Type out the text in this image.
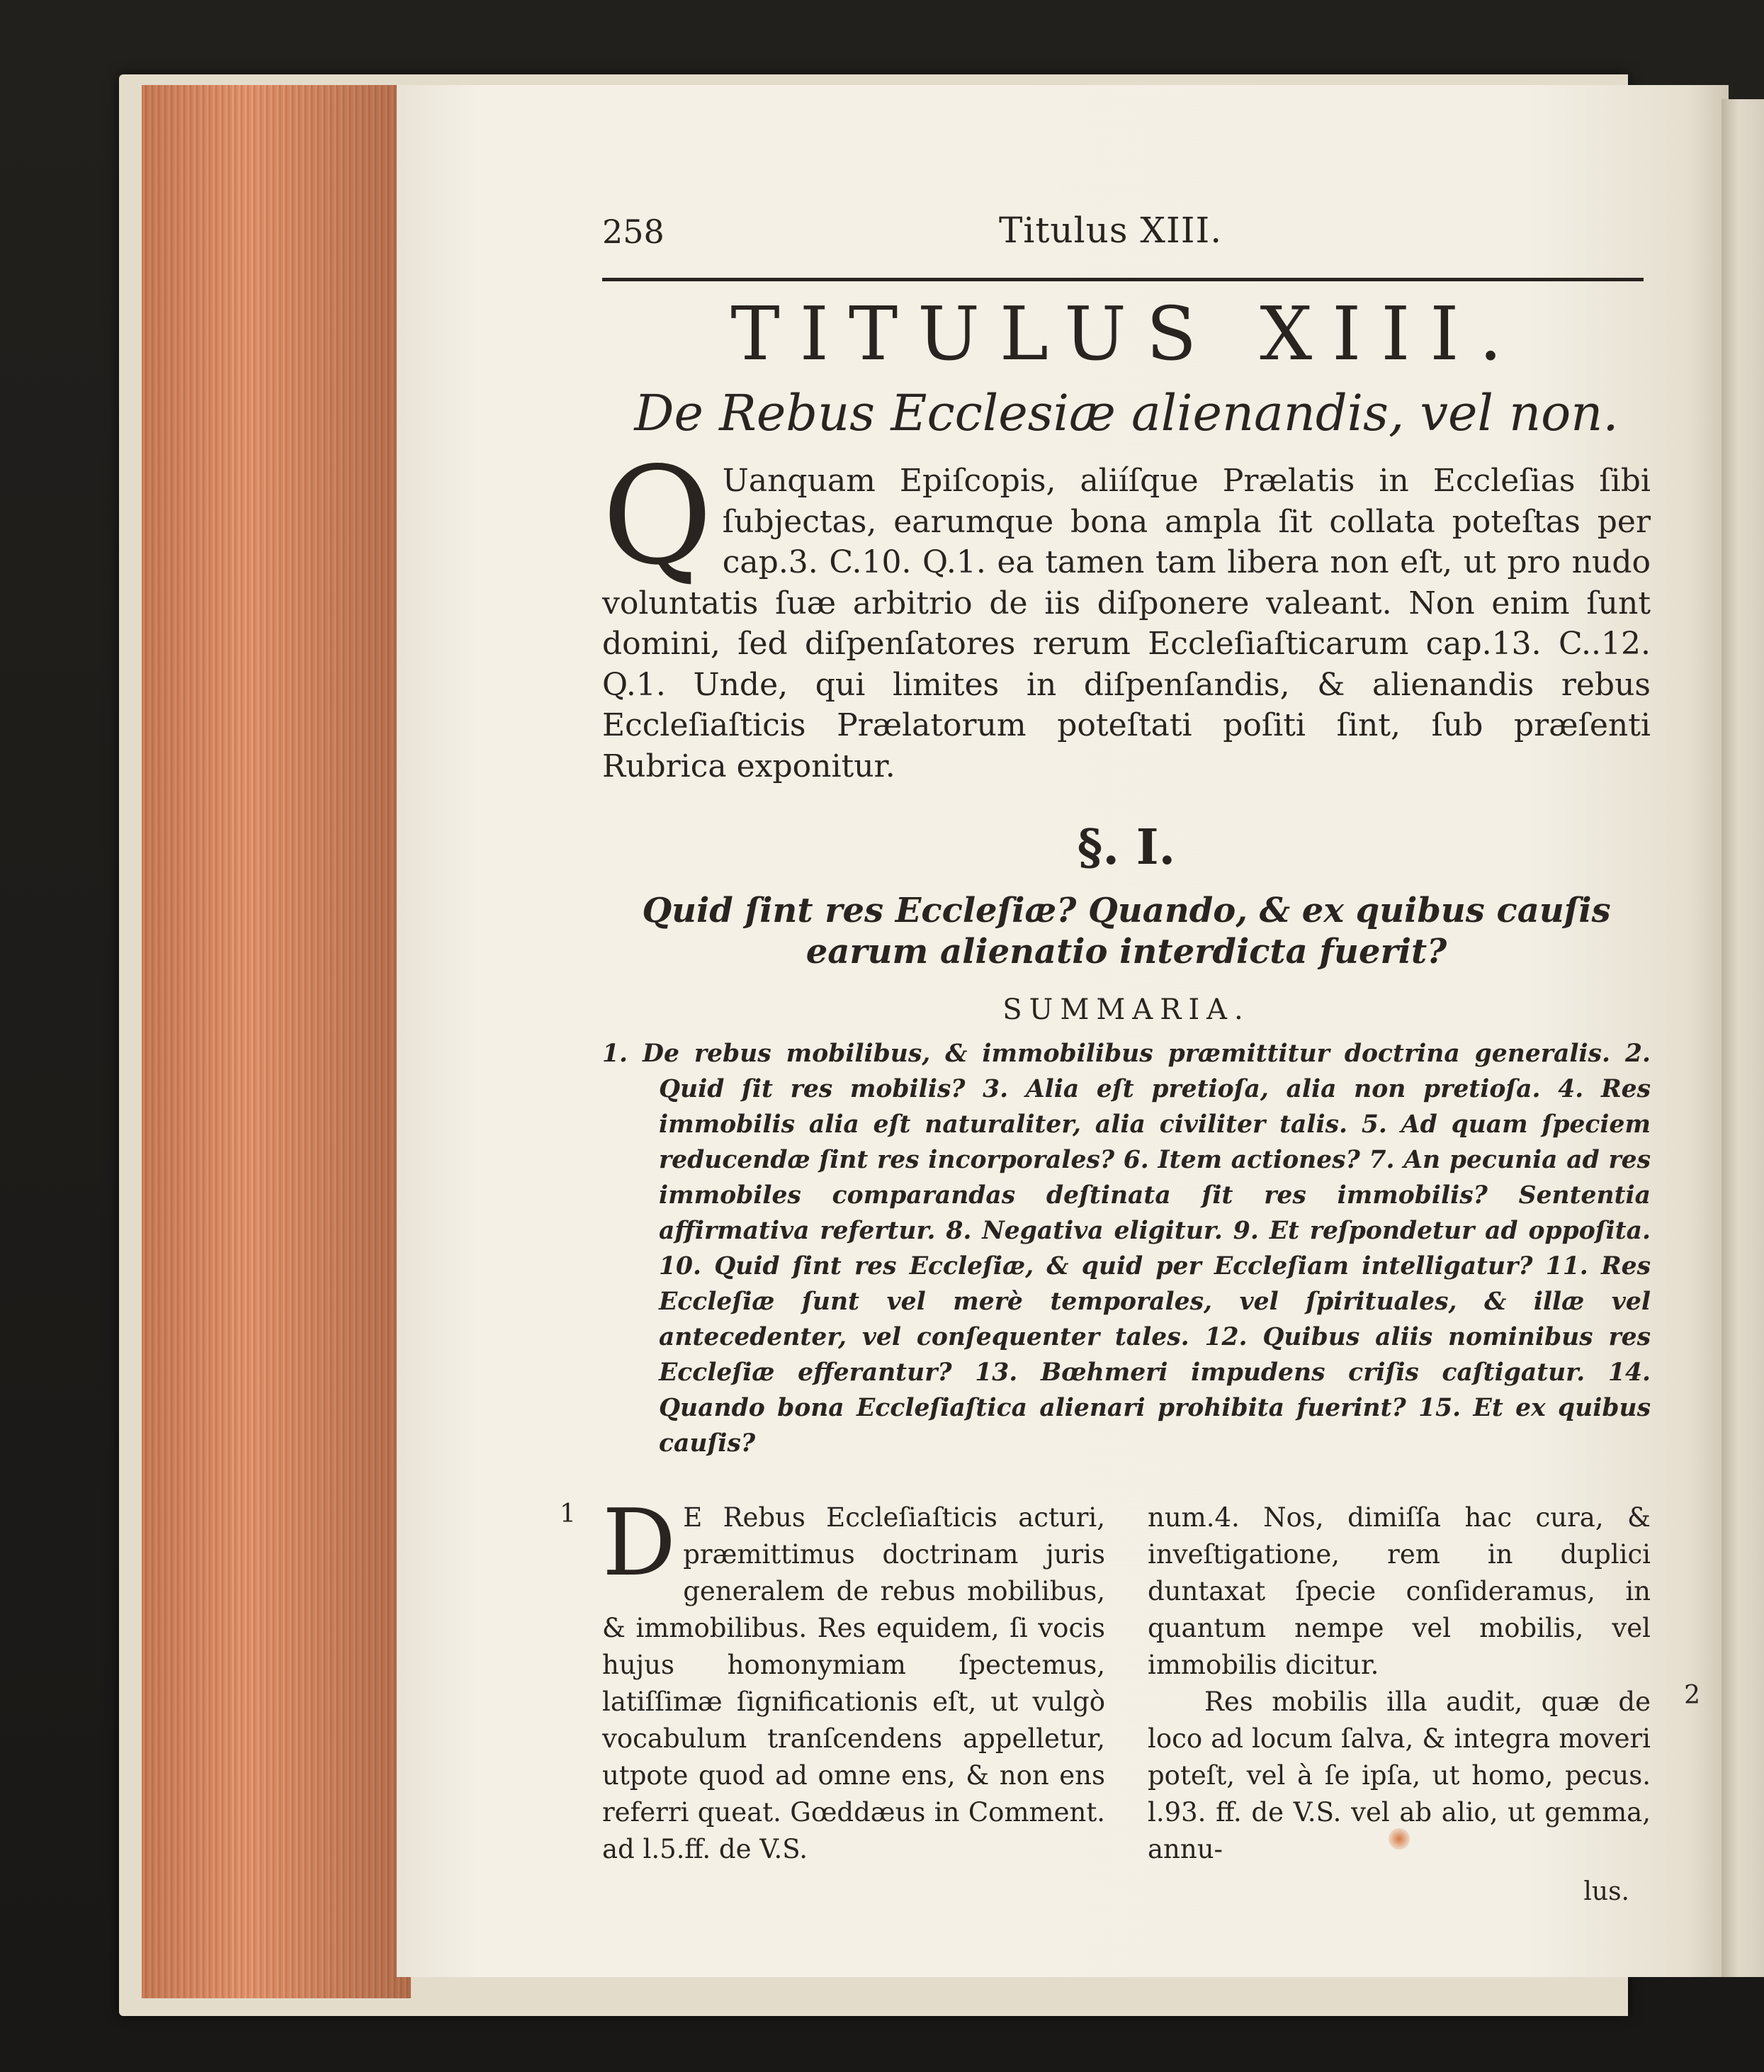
258	Titulus XIII.
TITULUS XIII.
De Rebus Ecclesiæ alienandis, vel non.
Q Uanquam Epiſcopis, aliíſque Prælatis in Eccleſias ſibi ſubjectas, earumque bona ampla ſit collata poteſtas per cap.3. C.10. Q.1. ea tamen tam libera non eſt, ut pro nudo voluntatis ſuæ arbitrio de iis diſponere valeant. Non enim ſunt domini, ſed diſpenſatores rerum Eccleſiaſticarum cap.13. C..12. Q.1. Unde, qui limites in diſpenſandis, & alienandis rebus Eccleſiaſticis Prælatorum poteſtati poſiti ſint, ſub præſenti Rubrica exponitur.
§. I.
Quid ſint res Eccleſiæ? Quando, & ex quibus cauſis earum alienatio interdicta fuerit?
SUMMARIA.
1. De rebus mobilibus, & immobilibus præmittitur doctrina generalis. 2. Quid ſit res mobilis? 3. Alia eſt pretioſa, alia non pretioſa. 4. Res immobilis alia eſt naturaliter, alia civiliter talis. 5. Ad quam ſpeciem reducendæ ſint res incorporales? 6. Item actiones? 7. An pecunia ad res immobiles comparandas deſtinata ſit res immobilis? Sententia affirmativa refertur. 8. Negativa eligitur. 9. Et reſpondetur ad oppoſita. 10. Quid ſint res Eccleſiæ, & quid per Eccleſiam intelligatur? 11. Res Eccleſiæ ſunt vel merè temporales, vel ſpirituales, & illæ vel antecedenter, vel conſequenter tales. 12. Quibus aliis nominibus res Eccleſiæ efferantur? 13. Bœhmeri impudens criſis caſtigatur. 14. Quando bona Eccleſiaſtica alienari prohibita fuerint? 15. Et ex quibus cauſis?
1 D E Rebus Eccleſiaſticis acturi, præmittimus doctrinam juris generalem de rebus mobilibus, & immobilibus. Res equidem, ſi vocis hujus homonymiam ſpectemus, latiſſimæ ſignificationis eſt, ut vulgò vocabulum tranſcendens appelletur, utpote quod ad omne ens, & non ens referri queat. Gœddæus in Comment. ad l.5.ff. de V.S.

num.4. Nos, dimiſſa hac cura, & inveſtigatione, rem in duplici duntaxat ſpecie conſideramus, in quantum nempe vel mobilis, vel immobilis dicitur.

Res mobilis illa audit, quæ de loco ad locum ſalva, & integra moveri poteſt, vel à ſe ipſa, ut homo, pecus. l.93. ff. de V.S. vel ab alio, ut gemma, annu-

2
lus.
